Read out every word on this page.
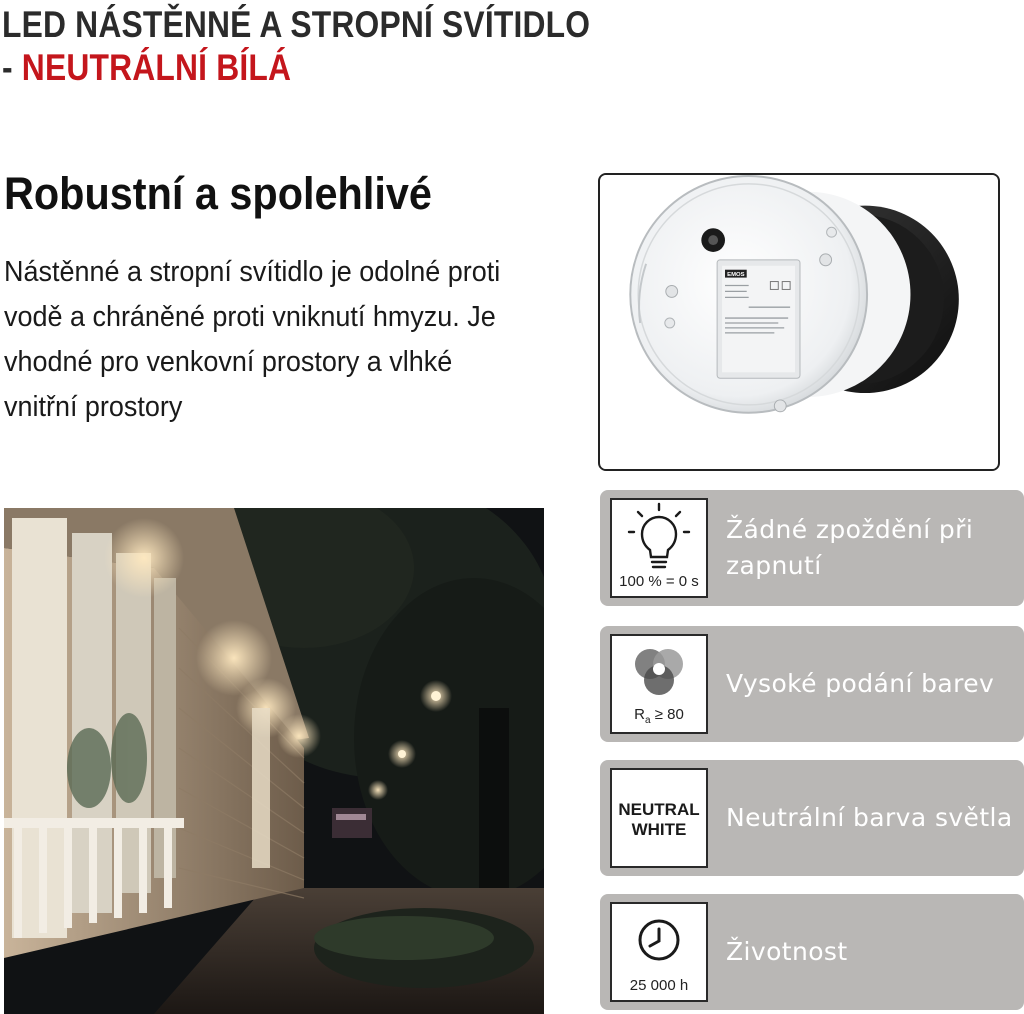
LED NÁSTĚNNÉ A STROPNÍ SVÍTIDLO
- NEUTRÁLNÍ BÍLÁ
Robustní a spolehlivé
Nástěnné a stropní svítidlo je odolné proti vodě a chráněné proti vniknutí hmyzu. Je vhodné pro venkovní prostory a vlhké vnitřní prostory
EMOS
100 % = 0 s
Žádné zpoždění při zapnutí
$R_a \ge 80$
Vysoké podání barev
NEUTRAL
WHITE	Neutrální barva světla
25 000 h
Životnost
